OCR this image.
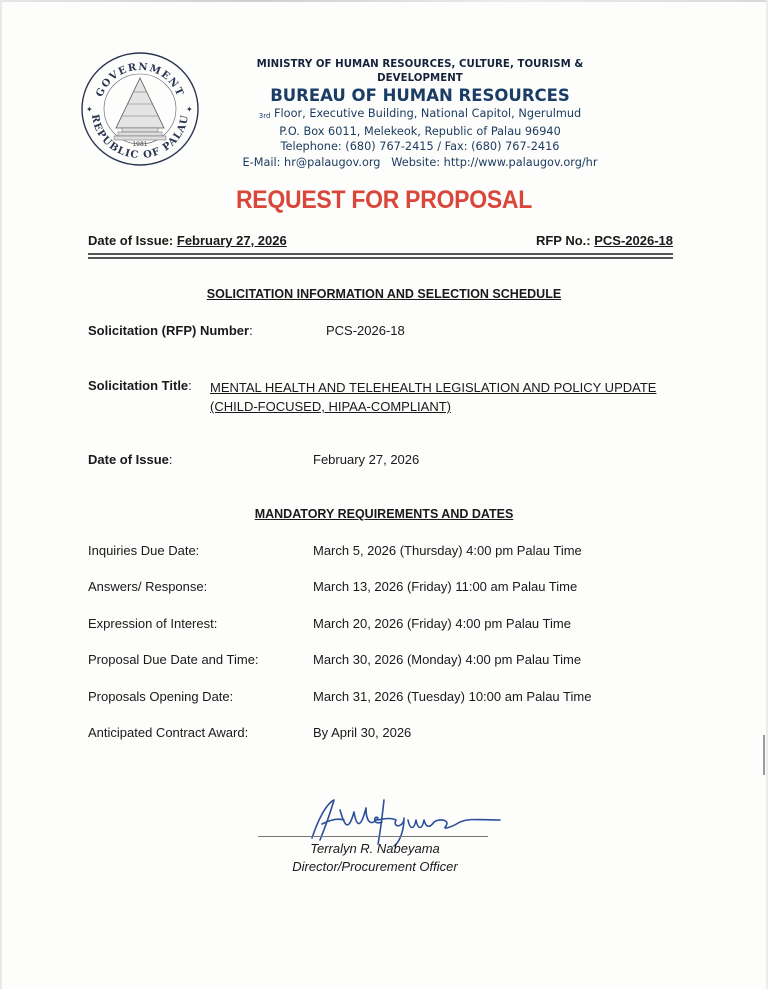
GOVERNMENT
REPUBLIC OF PALAU
1981
✦	✦
MINISTRY OF HUMAN RESOURCES, CULTURE, TOURISM & DEVELOPMENT
BUREAU OF HUMAN RESOURCES
$_{3rd}$ Floor, Executive Building, National Capitol, Ngerulmud
P.O. Box 6011, Melekeok, Republic of Palau 96940
Telephone: (680) 767-2415 / Fax: (680) 767-2416
E-Mail: hr@palaugov.org   Website: http://www.palaugov.org/hr
REQUEST FOR PROPOSAL
Date of Issue: February 27, 2026	RFP No.: PCS-2026-18
SOLICITATION INFORMATION AND SELECTION SCHEDULE
Solicitation (RFP) Number:	PCS-2026-18
Solicitation Title: MENTAL HEALTH AND TELEHEALTH LEGISLATION AND POLICY UPDATE (CHILD-FOCUSED, HIPAA-COMPLIANT)
Date of Issue:	February 27, 2026
MANDATORY REQUIREMENTS AND DATES
Inquiries Due Date:	March 5, 2026 (Thursday) 4:00 pm Palau Time
Answers/ Response:	March 13, 2026 (Friday) 11:00 am Palau Time
Expression of Interest:	March 20, 2026 (Friday) 4:00 pm Palau Time
Proposal Due Date and Time:	March 30, 2026 (Monday) 4:00 pm Palau Time
Proposals Opening Date:	March 31, 2026 (Tuesday) 10:00 am Palau Time
Anticipated Contract Award:	By April 30, 2026
Terralyn R. Nabeyama
Director/Procurement Officer
